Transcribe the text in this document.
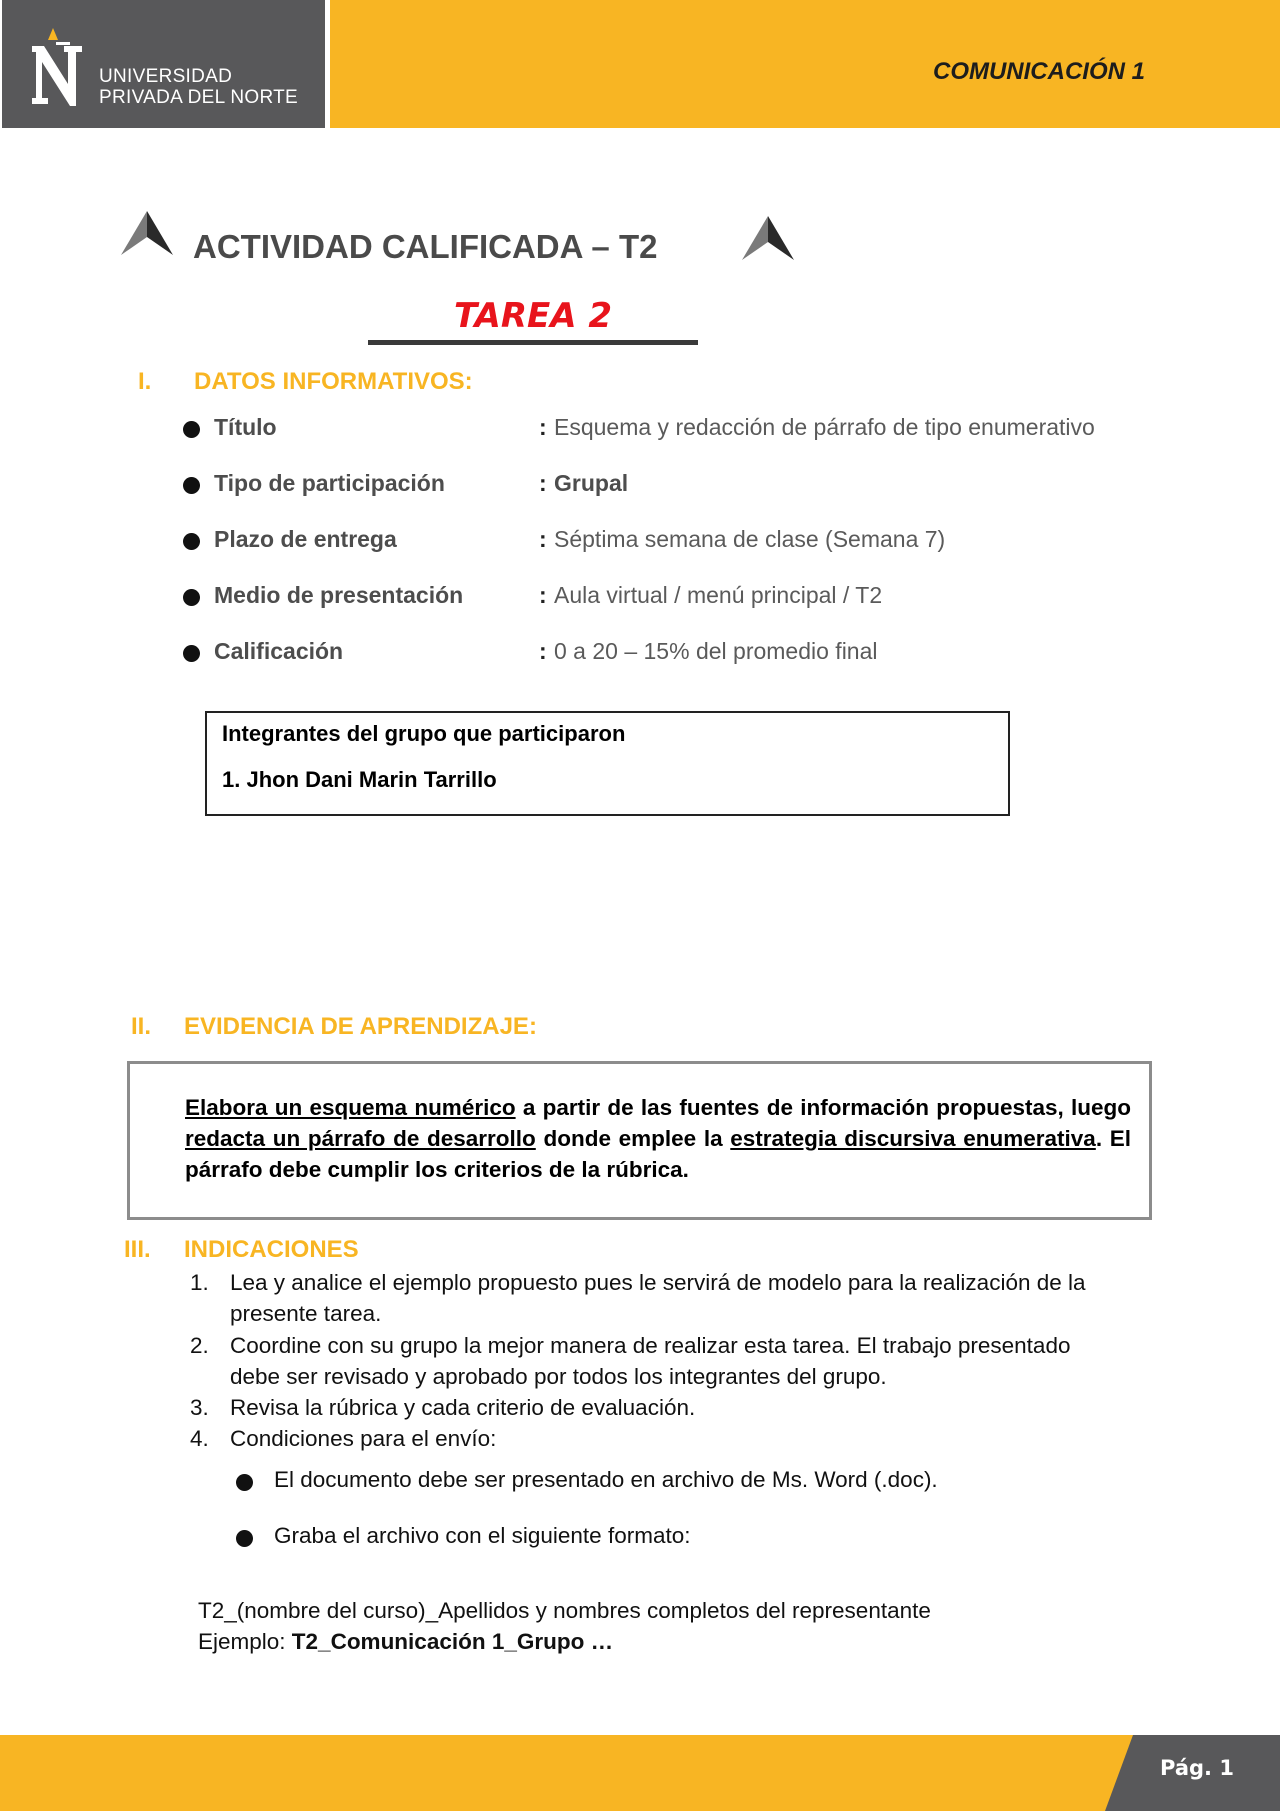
UNIVERSIDAD
PRIVADA DEL NORTE
COMUNICACIÓN 1
ACTIVIDAD CALIFICADA – T2
TAREA 2
I. DATOS INFORMATIVOS:
Título	: Esquema y redacción de párrafo de tipo enumerativo
Tipo de participación	: Grupal
Plazo de entrega	: Séptima semana de clase (Semana 7)
Medio de presentación	: Aula virtual / menú principal / T2
Calificación	: 0 a 20 – 15% del promedio final
Integrantes del grupo que participaron
1. Jhon Dani Marin Tarrillo
II. EVIDENCIA DE APRENDIZAJE:

Elabora un esquema numérico a partir de las fuentes de información propuestas, luego redacta un párrafo de desarrollo donde emplee la estrategia discursiva enumerativa. El párrafo debe cumplir los criterios de la rúbrica.

III. INDICACIONES
1. Lea y analice el ejemplo propuesto pues le servirá de modelo para la realización de la presente tarea.
2. Coordine con su grupo la mejor manera de realizar esta tarea. El trabajo presentado debe ser revisado y aprobado por todos los integrantes del grupo.
3. Revisa la rúbrica y cada criterio de evaluación.
4. Condiciones para el envío:
El documento debe ser presentado en archivo de Ms. Word (.doc).
Graba el archivo con el siguiente formato:
T2_(nombre del curso)_Apellidos y nombres completos del representante
Ejemplo: T2_Comunicación 1_Grupo …
Pág. 1
